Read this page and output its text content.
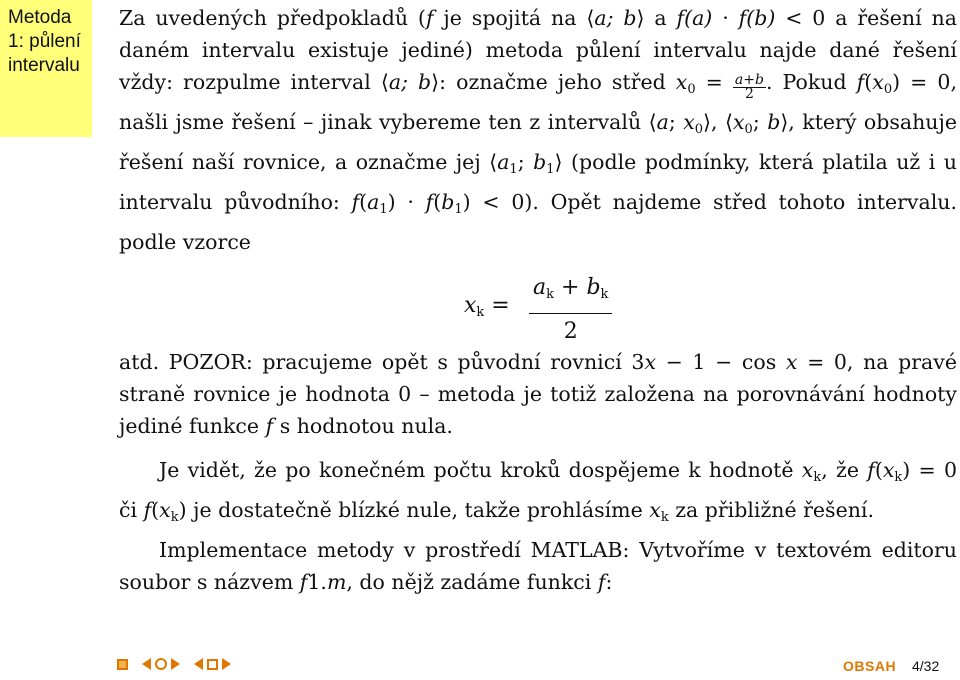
Metoda 1: půlení intervalu

Za uvedených předpokladů (f je spojitá na ⟨a; b⟩ a f(a) · f(b) < 0 a řešení na daném intervalu existuje jediné) metoda půlení intervalu najde dané řešení vždy: rozpulme interval ⟨a; b⟩: označme jeho střed $x_0 = \frac{a+b}{2}$ . Pokud $f(x_0) = 0$, našli jsme řešení – jinak vybereme ten z intervalů ⟨a; $x_0⟩$, $⟨x_0$; b⟩, který obsahuje řešení naší rovnice, a označme jej $⟨a_1$; $b_1⟩$ (podle podmínky, která platila už i u intervalu původního: $f(a_1) \cdot f(b_1) < 0$). Opět najdeme střed tohoto intervalu. podle vzorce

$x_k = \frac{a_k + b_k}{2}$

atd. POZOR: pracujeme opět s původní rovnicí 3x − 1 − cos x = 0, na pravé straně rovnice je hodnota 0 – metoda je totiž založena na porovnávání hodnoty jediné funkce f s hodnotou nula.

Je vidět, že po konečném počtu kroků dospějeme k hodnotě $x_k$, že $f(x_k) = 0$ či $f(x_k)$ je dostatečně blízké nule, takže prohlásíme $x_k$ za přibližné řešení.

Implementace metody v prostředí MATLAB: Vytvoříme v textovém editoru soubor s názvem f1.m, do nějž zadáme funkci f:

OBSAH 4/32
